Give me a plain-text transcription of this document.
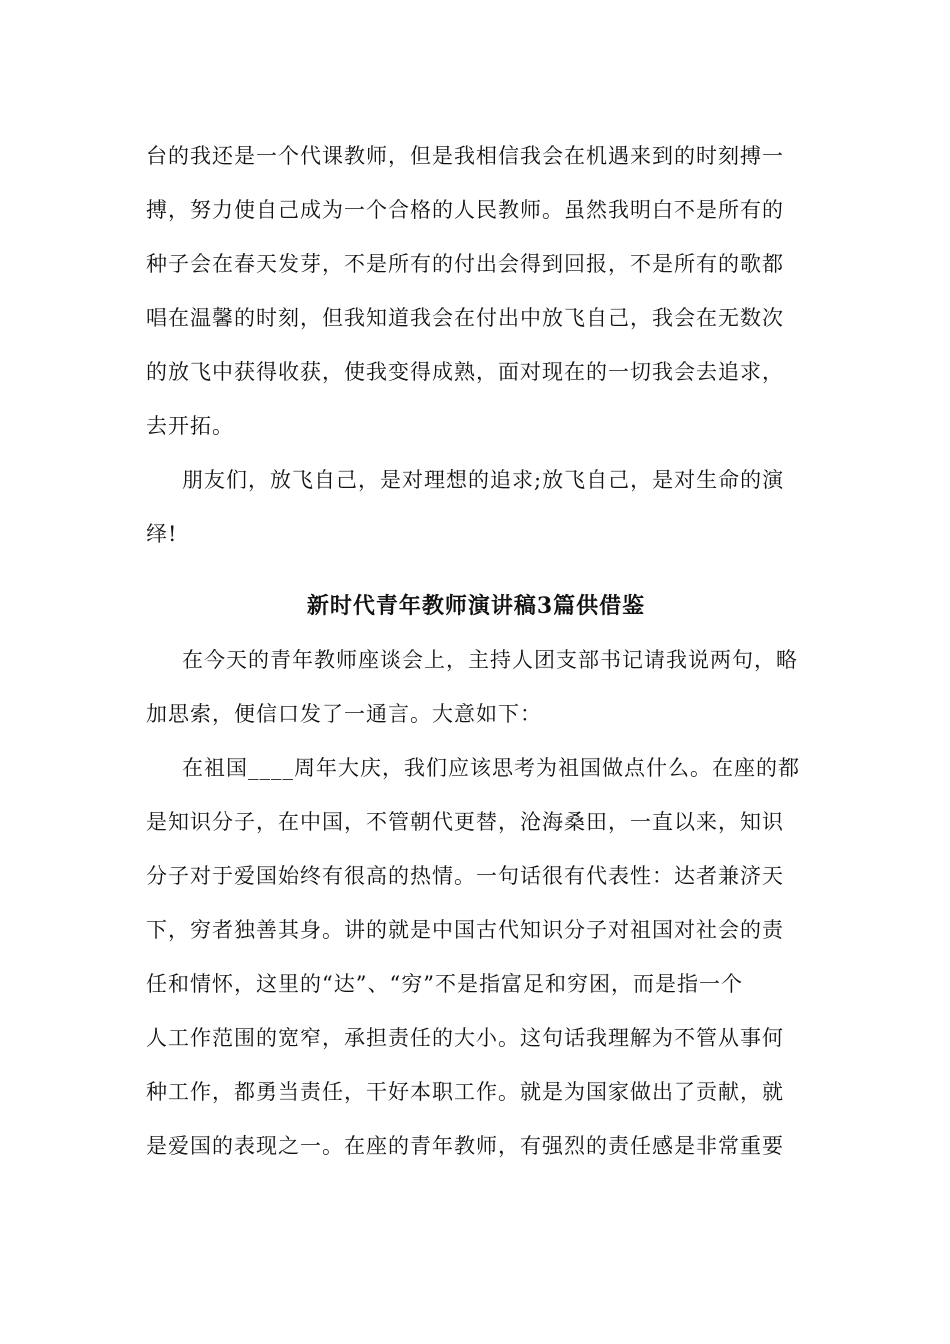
台的我还是一个代课教师，但是我相信我会在机遇来到的时刻搏一
搏，努力使自己成为一个合格的人民教师。虽然我明白不是所有的
种子会在春天发芽，不是所有的付出会得到回报，不是所有的歌都
唱在温馨的时刻，但我知道我会在付出中放飞自己，我会在无数次
的放飞中获得收获，使我变得成熟，面对现在的一切我会去追求，
去开拓。

朋友们，放飞自己，是对理想的追求;放飞自己，是对生命的演
绎!

新时代青年教师演讲稿3篇供借鉴

在今天的青年教师座谈会上，主持人团支部书记请我说两句，略
加思索，便信口发了一通言。大意如下：

在祖国____周年大庆，我们应该思考为祖国做点什么。在座的都
是知识分子，在中国，不管朝代更替，沧海桑田，一直以来，知识
分子对于爱国始终有很高的热情。一句话很有代表性：达者兼济天
下，穷者独善其身。讲的就是中国古代知识分子对祖国对社会的责
任和情怀，这里的“达”、“穷”不是指富足和穷困，而是指一个
人工作范围的宽窄，承担责任的大小。这句话我理解为不管从事何
种工作，都勇当责任，干好本职工作。就是为国家做出了贡献，就
是爱国的表现之一。在座的青年教师，有强烈的责任感是非常重要
